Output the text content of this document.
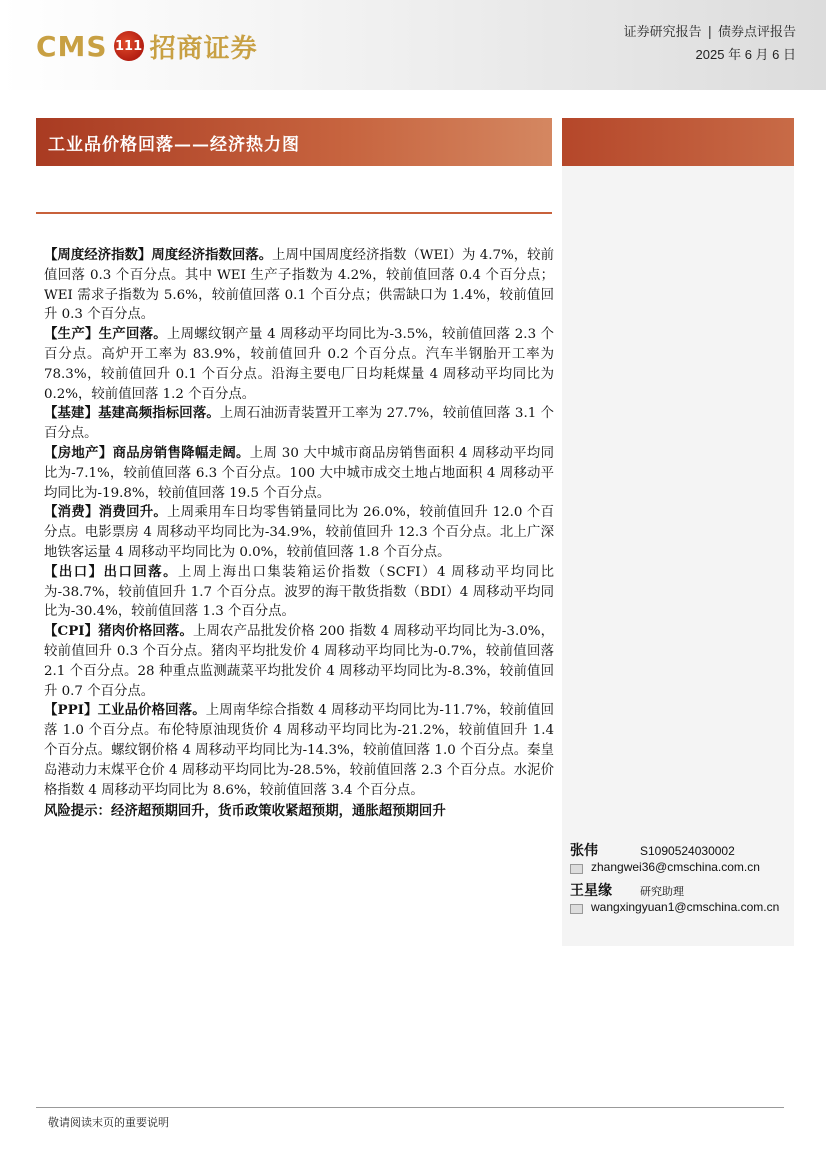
CMS 111 招商证券
证券研究报告 | 债券点评报告
2025 年 6 月 6 日
工业品价格回落——经济热力图

【周度经济指数】周度经济指数回落。上周中国周度经济指数（WEI）为 4.7%，较前值回落 0.3 个百分点。其中 WEI 生产子指数为 4.2%，较前值回落 0.4 个百分点；WEI 需求子指数为 5.6%，较前值回落 0.1 个百分点；供需缺口为 1.4%，较前值回升 0.3 个百分点。

【生产】生产回落。上周螺纹钢产量 4 周移动平均同比为-3.5%，较前值回落 2.3 个百分点。高炉开工率为 83.9%，较前值回升 0.2 个百分点。汽车半钢胎开工率为 78.3%，较前值回升 0.1 个百分点。沿海主要电厂日均耗煤量 4 周移动平均同比为 0.2%，较前值回落 1.2 个百分点。

【基建】基建高频指标回落。上周石油沥青装置开工率为 27.7%，较前值回落 3.1 个百分点。

【房地产】商品房销售降幅走阔。上周 30 大中城市商品房销售面积 4 周移动平均同比为-7.1%，较前值回落 6.3 个百分点。100 大中城市成交土地占地面积 4 周移动平均同比为-19.8%，较前值回落 19.5 个百分点。

【消费】消费回升。上周乘用车日均零售销量同比为 26.0%，较前值回升 12.0 个百分点。电影票房 4 周移动平均同比为-34.9%，较前值回升 12.3 个百分点。北上广深地铁客运量 4 周移动平均同比为 0.0%，较前值回落 1.8 个百分点。

【出口】出口回落。上周上海出口集装箱运价指数（SCFI）4 周移动平均同比为-38.7%，较前值回升 1.7 个百分点。波罗的海干散货指数（BDI）4 周移动平均同比为-30.4%，较前值回落 1.3 个百分点。

【CPI】猪肉价格回落。上周农产品批发价格 200 指数 4 周移动平均同比为-3.0%，较前值回升 0.3 个百分点。猪肉平均批发价 4 周移动平均同比为-0.7%，较前值回落 2.1 个百分点。28 种重点监测蔬菜平均批发价 4 周移动平均同比为-8.3%，较前值回升 0.7 个百分点。

【PPI】工业品价格回落。上周南华综合指数 4 周移动平均同比为-11.7%，较前值回落 1.0 个百分点。布伦特原油现货价 4 周移动平均同比为-21.2%，较前值回升 1.4 个百分点。螺纹钢价格 4 周移动平均同比为-14.3%，较前值回落 1.0 个百分点。秦皇岛港动力末煤平仓价 4 周移动平均同比为-28.5%，较前值回落 2.3 个百分点。水泥价格指数 4 周移动平均同比为 8.6%，较前值回落 3.4 个百分点。

风险提示：经济超预期回升，货币政策收紧超预期，通胀超预期回升

张伟	S1090524030002
zhangwei36@cmschina.com.cn
王星缘	研究助理
wangxingyuan1@cmschina.com.cn
敬请阅读末页的重要说明
